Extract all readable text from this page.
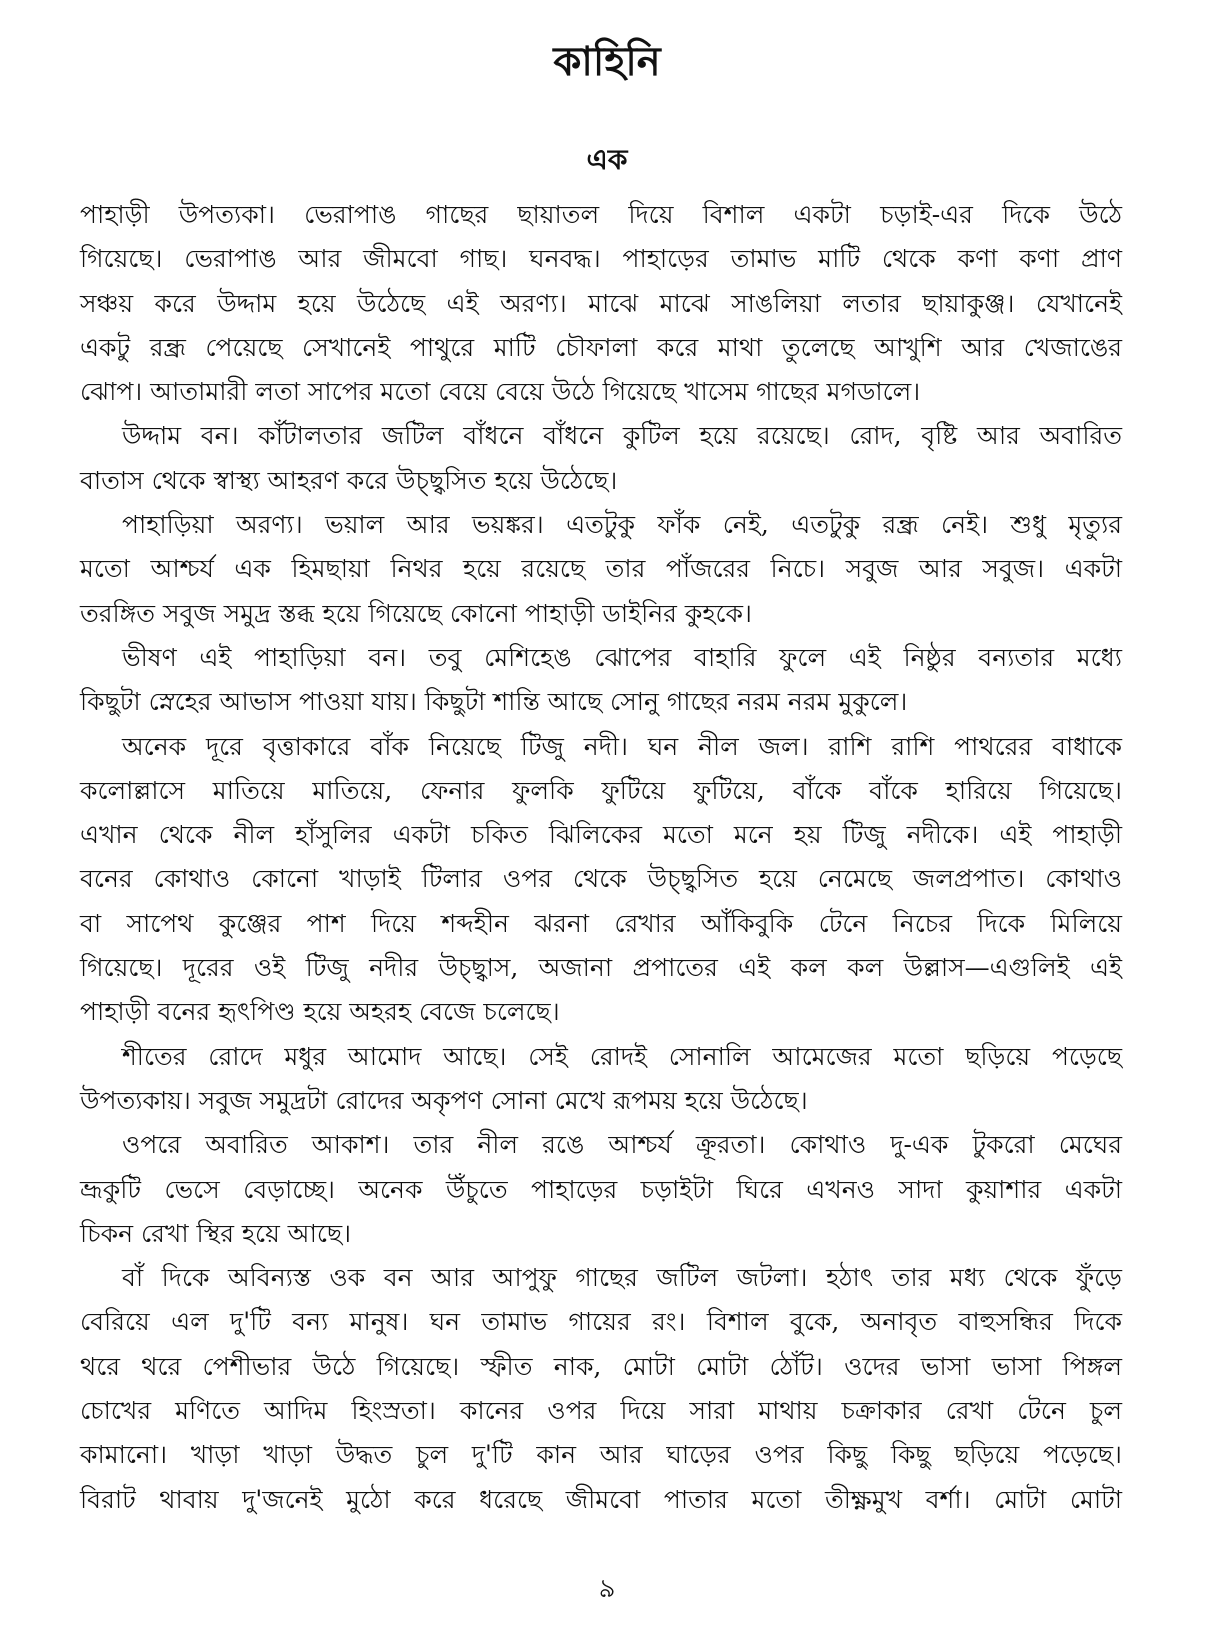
কাহিনি
এক
পাহাড়ী উপত্যকা। ভেরাপাঙ গাছের ছায়াতল দিয়ে বিশাল একটা চড়াই-এর দিকে উঠে
গিয়েছে। ভেরাপাঙ আর জীমবো গাছ। ঘনবদ্ধ। পাহাড়ের তামাভ মাটি থেকে কণা কণা প্রাণ
সঞ্চয় করে উদ্দাম হয়ে উঠেছে এই অরণ্য। মাঝে মাঝে সাঙলিয়া লতার ছায়াকুঞ্জ। যেখানেই
একটু রন্ধ্র পেয়েছে সেখানেই পাথুরে মাটি চৌফালা করে মাথা তুলেছে আখুশি আর খেজাঙের
ঝোপ। আতামারী লতা সাপের মতো বেয়ে বেয়ে উঠে গিয়েছে খাসেম গাছের মগডালে।
উদ্দাম বন। কাঁটালতার জটিল বাঁধনে বাঁধনে কুটিল হয়ে রয়েছে। রোদ, বৃষ্টি আর অবারিত
বাতাস থেকে স্বাস্থ্য আহরণ করে উচ্ছ্বসিত হয়ে উঠেছে।
পাহাড়িয়া অরণ্য। ভয়াল আর ভয়ঙ্কর। এতটুকু ফাঁক নেই, এতটুকু রন্ধ্র নেই। শুধু মৃত্যুর
মতো আশ্চর্য এক হিমছায়া নিথর হয়ে রয়েছে তার পাঁজরের নিচে। সবুজ আর সবুজ। একটা
তরঙ্গিত সবুজ সমুদ্র স্তব্ধ হয়ে গিয়েছে কোনো পাহাড়ী ডাইনির কুহকে।
ভীষণ এই পাহাড়িয়া বন। তবু মেশিহেঙ ঝোপের বাহারি ফুলে এই নিষ্ঠুর বন্যতার মধ্যে
কিছুটা স্নেহের আভাস পাওয়া যায়। কিছুটা শান্তি আছে সোনু গাছের নরম নরম মুকুলে।
অনেক দূরে বৃত্তাকারে বাঁক নিয়েছে টিজু নদী। ঘন নীল জল। রাশি রাশি পাথরের বাধাকে
কলোল্লাসে মাতিয়ে মাতিয়ে, ফেনার ফুলকি ফুটিয়ে ফুটিয়ে, বাঁকে বাঁকে হারিয়ে গিয়েছে।
এখান থেকে নীল হাঁসুলির একটা চকিত ঝিলিকের মতো মনে হয় টিজু নদীকে। এই পাহাড়ী
বনের কোথাও কোনো খাড়াই টিলার ওপর থেকে উচ্ছ্বসিত হয়ে নেমেছে জলপ্রপাত। কোথাও
বা সাপেথ কুঞ্জের পাশ দিয়ে শব্দহীন ঝরনা রেখার আঁকিবুকি টেনে নিচের দিকে মিলিয়ে
গিয়েছে। দূরের ওই টিজু নদীর উচ্ছ্বাস, অজানা প্রপাতের এই কল কল উল্লাস—এগুলিই এই
পাহাড়ী বনের হৃৎপিণ্ড হয়ে অহরহ বেজে চলেছে।
শীতের রোদে মধুর আমোদ আছে। সেই রোদই সোনালি আমেজের মতো ছড়িয়ে পড়েছে
উপত্যকায়। সবুজ সমুদ্রটা রোদের অকৃপণ সোনা মেখে রূপময় হয়ে উঠেছে।
ওপরে অবারিত আকাশ। তার নীল রঙে আশ্চর্য ক্রূরতা। কোথাও দু-এক টুকরো মেঘের
ভ্রূকুটি ভেসে বেড়াচ্ছে। অনেক উঁচুতে পাহাড়ের চড়াইটা ঘিরে এখনও সাদা কুয়াশার একটা
চিকন রেখা স্থির হয়ে আছে।
বাঁ দিকে অবিন্যস্ত ওক বন আর আপুফু গাছের জটিল জটলা। হঠাৎ তার মধ্য থেকে ফুঁড়ে
বেরিয়ে এল দু'টি বন্য মানুষ। ঘন তামাভ গায়ের রং। বিশাল বুকে, অনাবৃত বাহুসন্ধির দিকে
থরে থরে পেশীভার উঠে গিয়েছে। স্ফীত নাক, মোটা মোটা ঠোঁট। ওদের ভাসা ভাসা পিঙ্গল
চোখের মণিতে আদিম হিংস্রতা। কানের ওপর দিয়ে সারা মাথায় চক্রাকার রেখা টেনে চুল
কামানো। খাড়া খাড়া উদ্ধত চুল দু'টি কান আর ঘাড়ের ওপর কিছু কিছু ছড়িয়ে পড়েছে।
বিরাট থাবায় দু'জনেই মুঠো করে ধরেছে জীমবো পাতার মতো তীক্ষ্ণমুখ বর্শা। মোটা মোটা
৯
